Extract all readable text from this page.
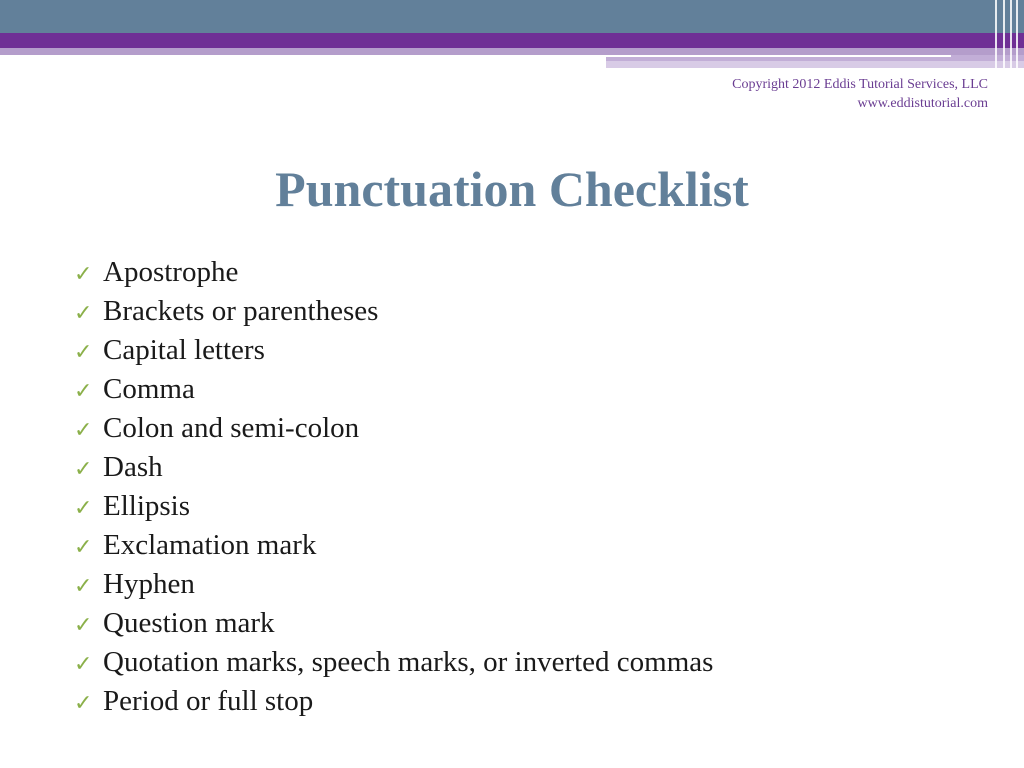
Copyright 2012 Eddis Tutorial Services, LLC
www.eddistutorial.com
Punctuation Checklist
✓ Apostrophe
✓ Brackets or parentheses
✓ Capital letters
✓ Comma
✓ Colon and semi-colon
✓ Dash
✓ Ellipsis
✓ Exclamation mark
✓ Hyphen
✓ Question mark
✓ Quotation marks, speech marks, or inverted commas
✓ Period or full stop
